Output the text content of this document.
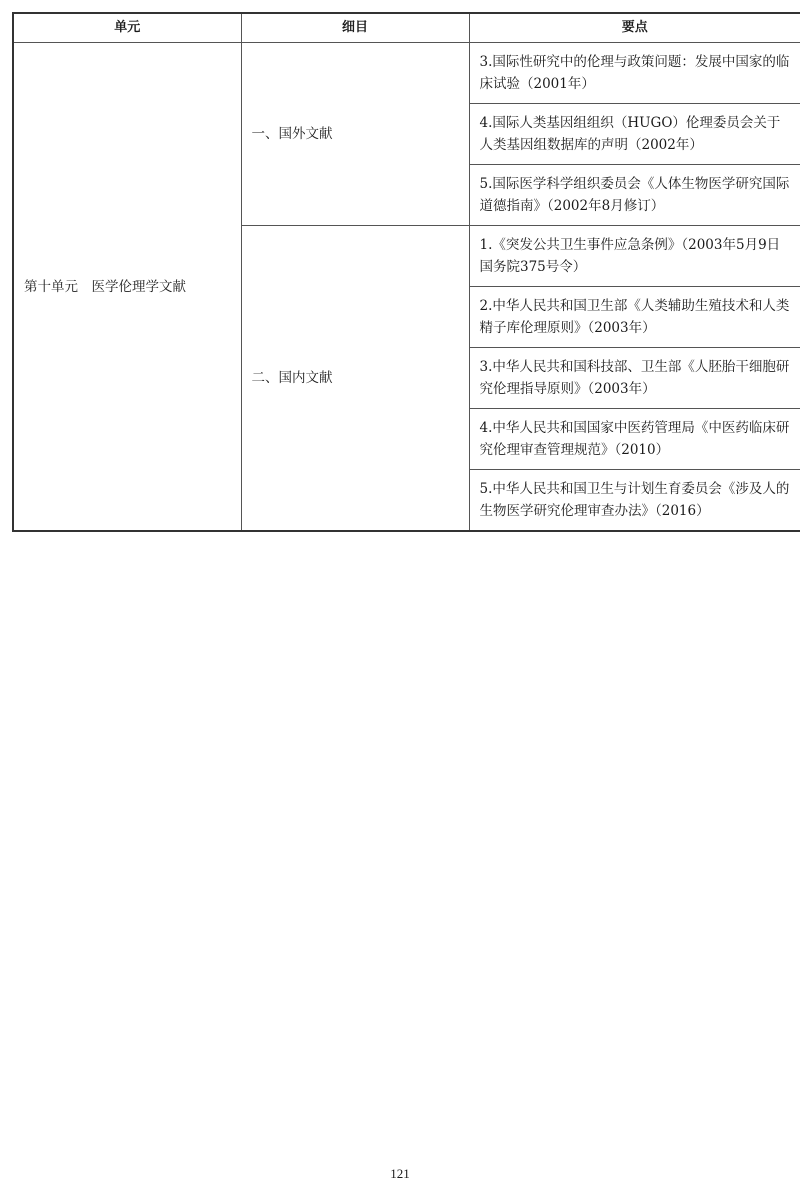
单元	细目	要点
第十单元　医学伦理学文献	一、国外文献	3.国际性研究中的伦理与政策问题：发展中国家的临床试验（2001年）
		4.国际人类基因组组织（HUGO）伦理委员会关于人类基因组数据库的声明（2002年）
		5.国际医学科学组织委员会《人体生物医学研究国际道德指南》（2002年8月修订）
	二、国内文献	1.《突发公共卫生事件应急条例》（2003年5月9日国务院375号令）
		2.中华人民共和国卫生部《人类辅助生殖技术和人类精子库伦理原则》（2003年）
		3.中华人民共和国科技部、卫生部《人胚胎干细胞研究伦理指导原则》（2003年）
		4.中华人民共和国国家中医药管理局《中医药临床研究伦理审查管理规范》（2010）
		5.中华人民共和国卫生与计划生育委员会《涉及人的生物医学研究伦理审查办法》（2016）
121
